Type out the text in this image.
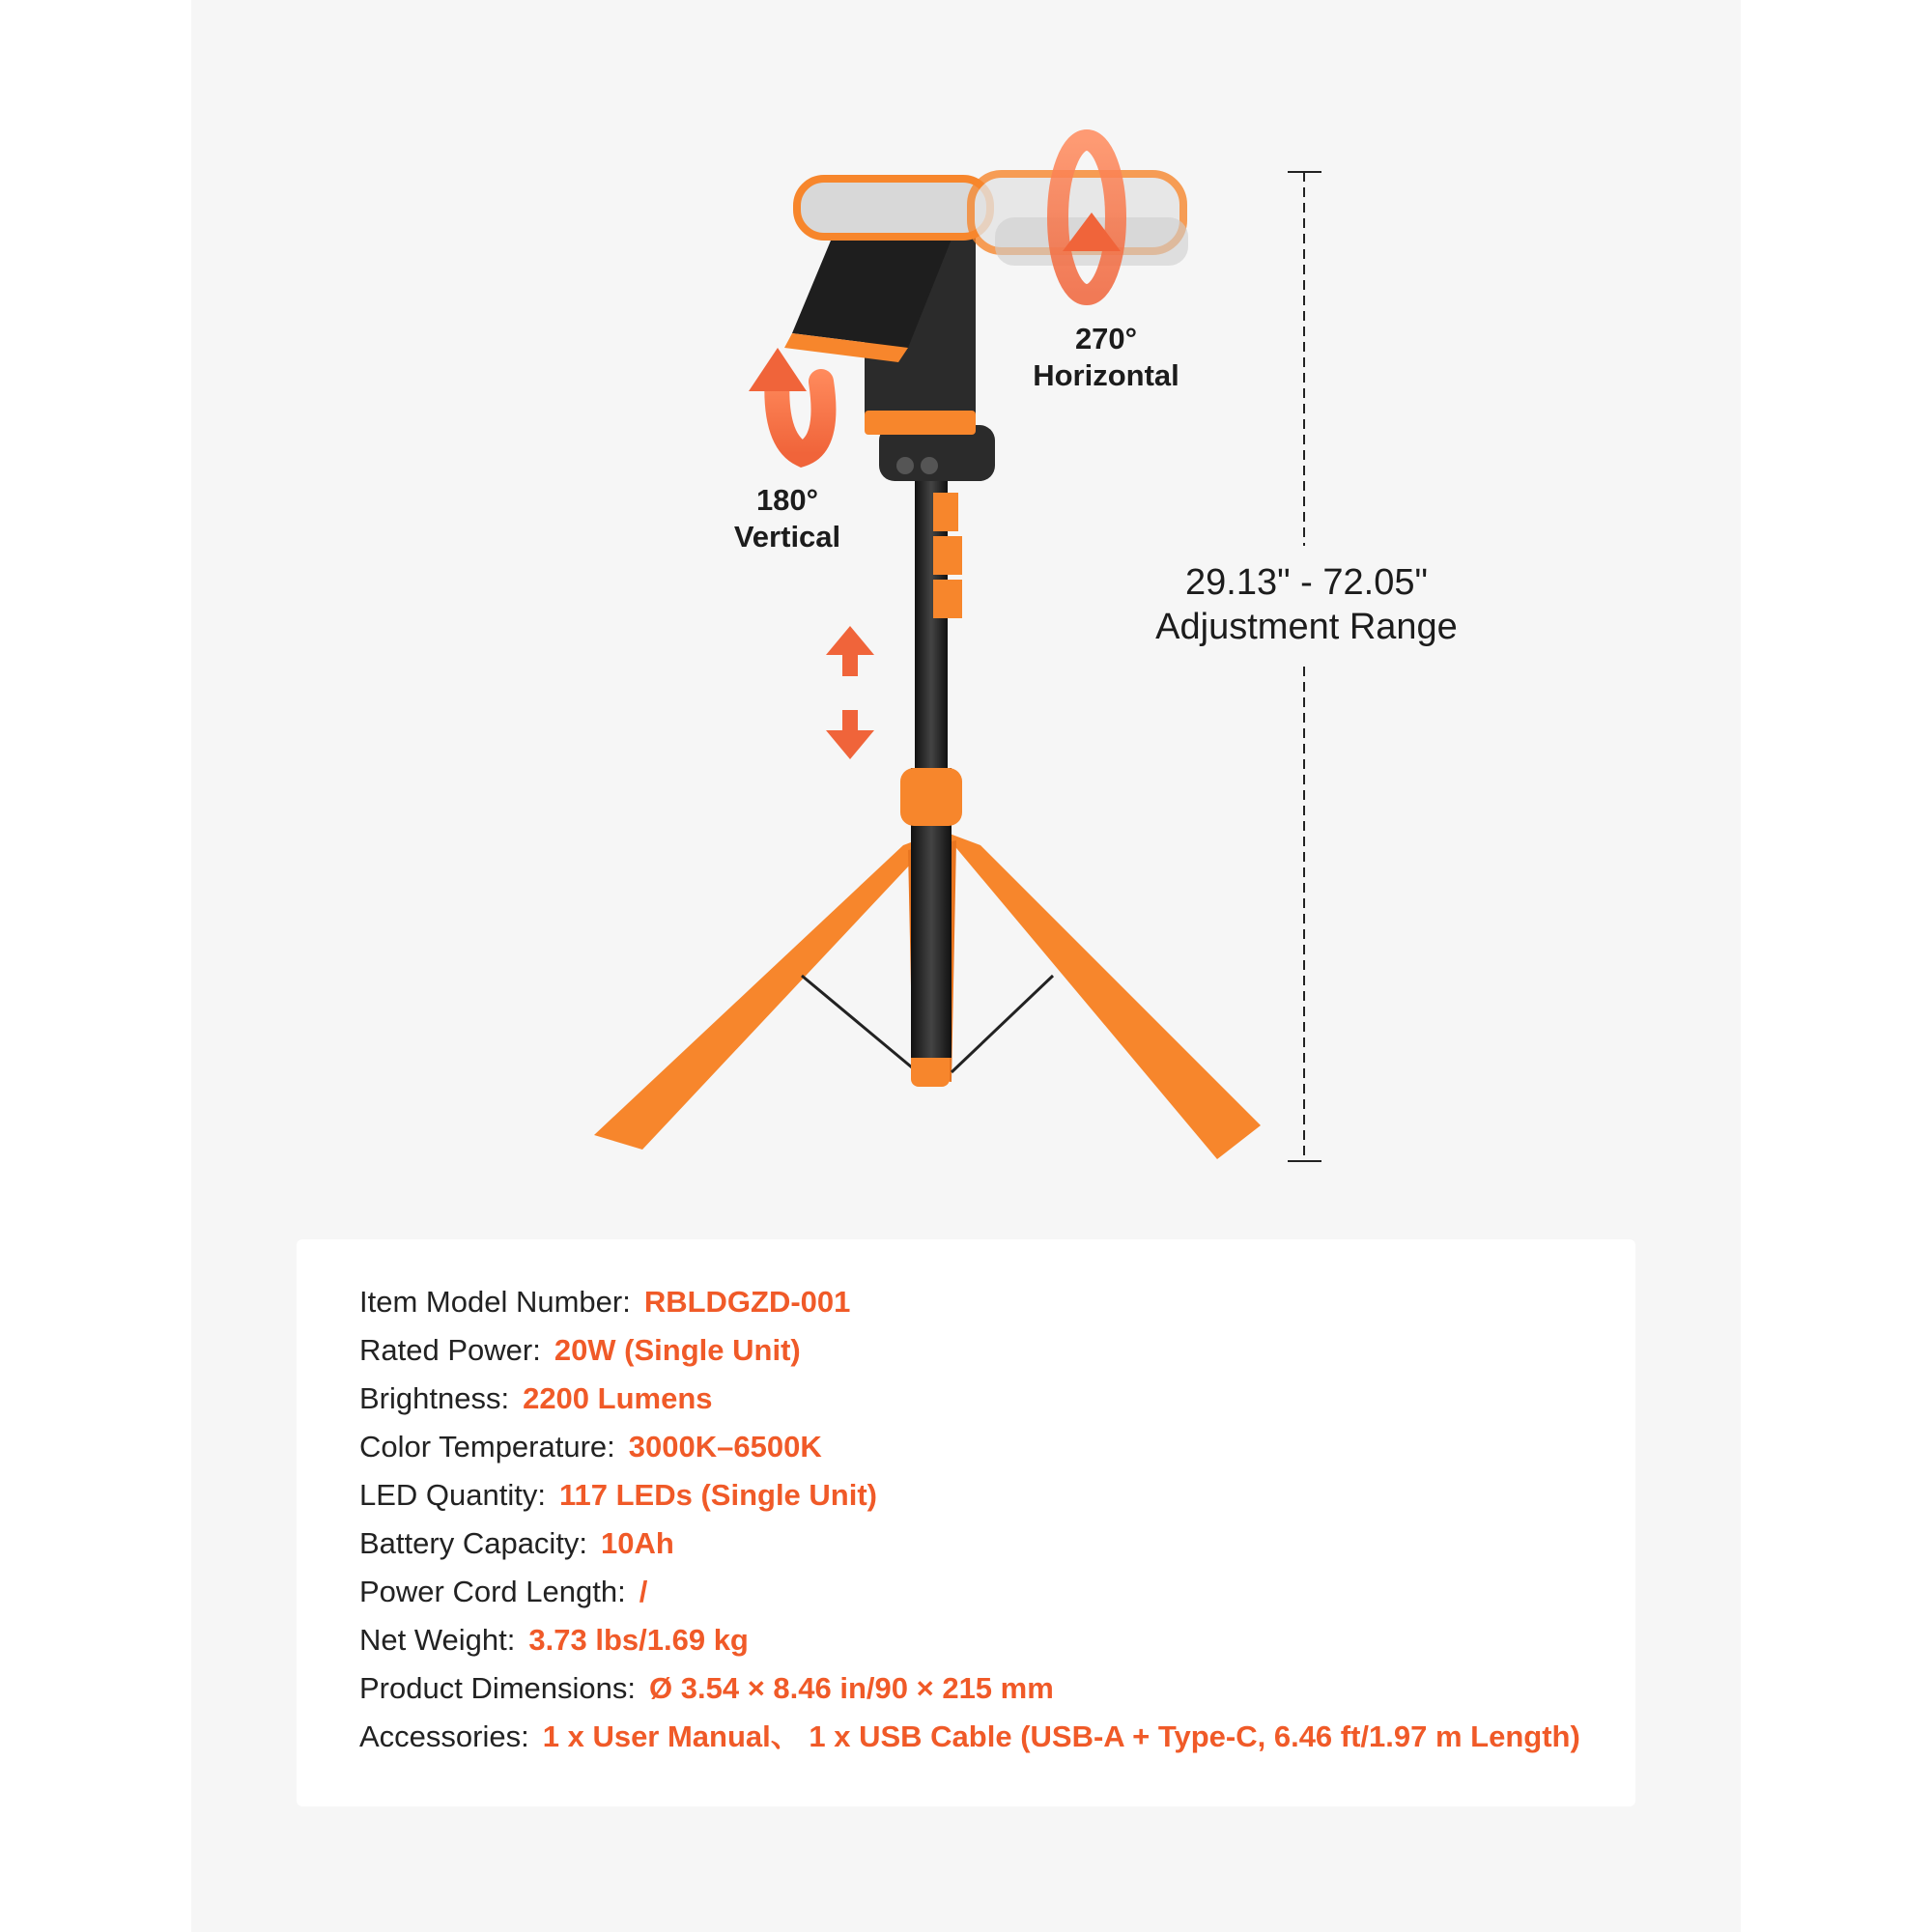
270°
Horizontal
180°
Vertical
29.13" - 72.05"
Adjustment Range
Item Model Number: RBLDGZD-001
Rated Power: 20W (Single Unit)
Brightness: 2200 Lumens
Color Temperature: 3000K–6500K
LED Quantity: 117 LEDs (Single Unit)
Battery Capacity: 10Ah
Power Cord Length: /
Net Weight: 3.73 lbs/1.69 kg
Product Dimensions: Ø 3.54 × 8.46 in/90 × 215 mm
Accessories: 1 x User Manual、 1 x USB Cable (USB-A + Type-C, 6.46 ft/1.97 m Length)
